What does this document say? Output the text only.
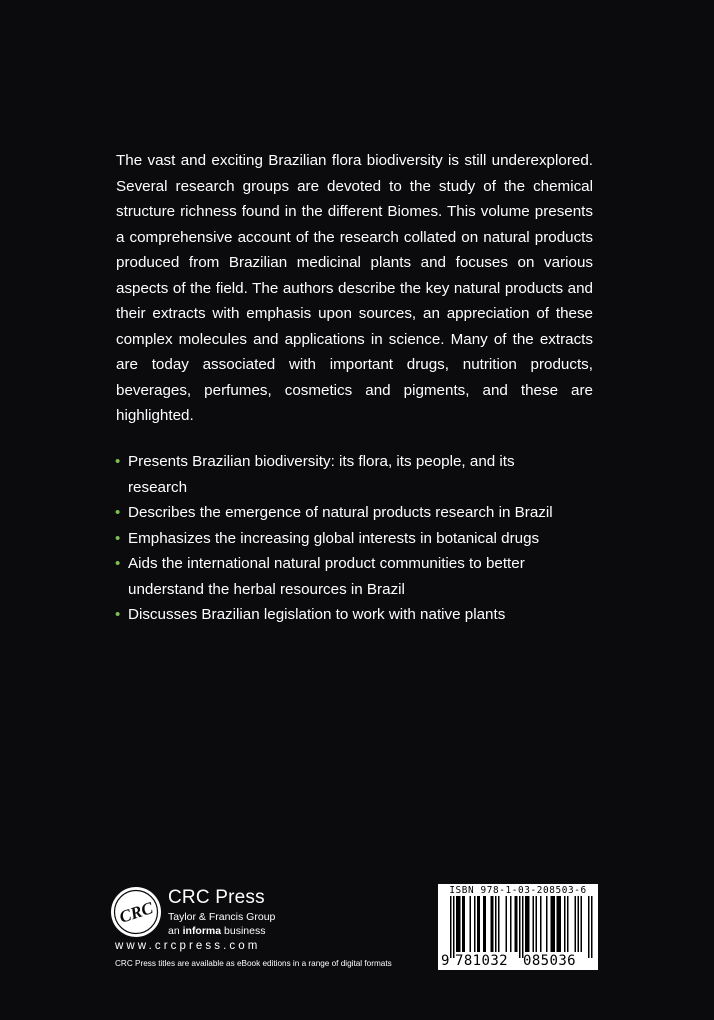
The vast and exciting Brazilian flora biodiversity is still underexplored. Several research groups are devoted to the study of the chemical structure richness found in the different Biomes. This volume presents a comprehensive account of the research collated on natural products produced from Brazilian medicinal plants and focuses on various aspects of the field. The authors describe the key natural products and their extracts with emphasis upon sources, an appreciation of these complex molecules and applications in science. Many of the extracts are today associated with important drugs, nutrition products, beverages, perfumes, cosmetics and pigments, and these are highlighted.

• Presents Brazilian biodiversity: its flora, its people, and its research
• Describes the emergence of natural products research in Brazil
• Emphasizes the increasing global interests in botanical drugs
• Aids the international natural product communities to better understand the herbal resources in Brazil
• Discusses Brazilian legislation to work with native plants
CRC
CRC Press
Taylor & Francis Group
an informa business
www.crcpress.com
CRC Press titles are available as eBook editions in a range of digital formats
ISBN 978-1-03-208503-6
9 781032 085036
